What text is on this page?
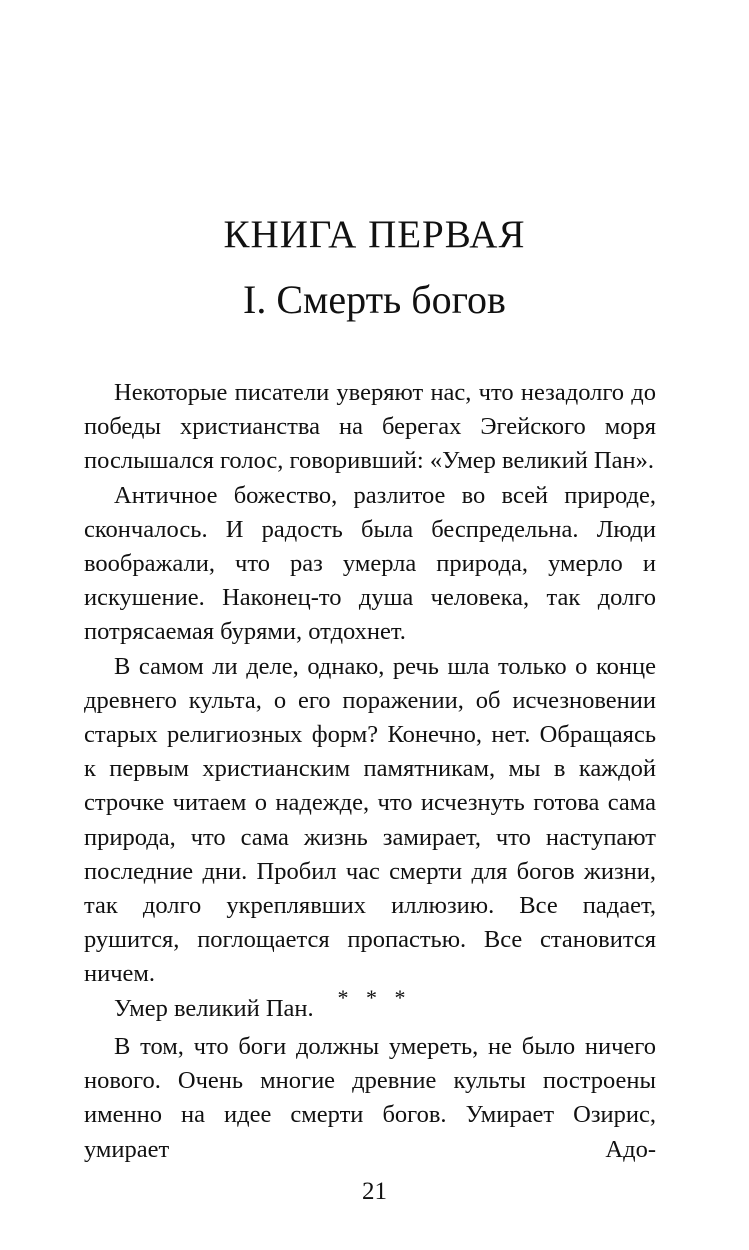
КНИГА ПЕРВАЯ
I. Смерть богов

Некоторые писатели уверяют нас, что незадолго до победы христианства на берегах Эгейского моря послышался голос, говоривший: «Умер великий Пан».

Античное божество, разлитое во всей природе, скончалось. И радость была беспредельна. Люди воображали, что раз умерла природа, умерло и искушение. Наконец-то душа человека, так долго потрясаемая бурями, отдохнет.

В самом ли деле, однако, речь шла только о конце древнего культа, о его поражении, об исчезновении старых религиозных форм? Конечно, нет. Обращаясь к первым христианским памятникам, мы в каждой строчке читаем о надежде, что исчезнуть готова сама природа, что сама жизнь замирает, что наступают последние дни. Пробил час смерти для богов жизни, так долго укреплявших иллюзию. Все падает, рушится, поглощается пропастью. Все становится ничем.

Умер великий Пан.	* * *

В том, что боги должны умереть, не было ничего нового. Очень многие древние культы построены именно на идее смерти богов. Умирает Озирис, умирает Адо-

21
